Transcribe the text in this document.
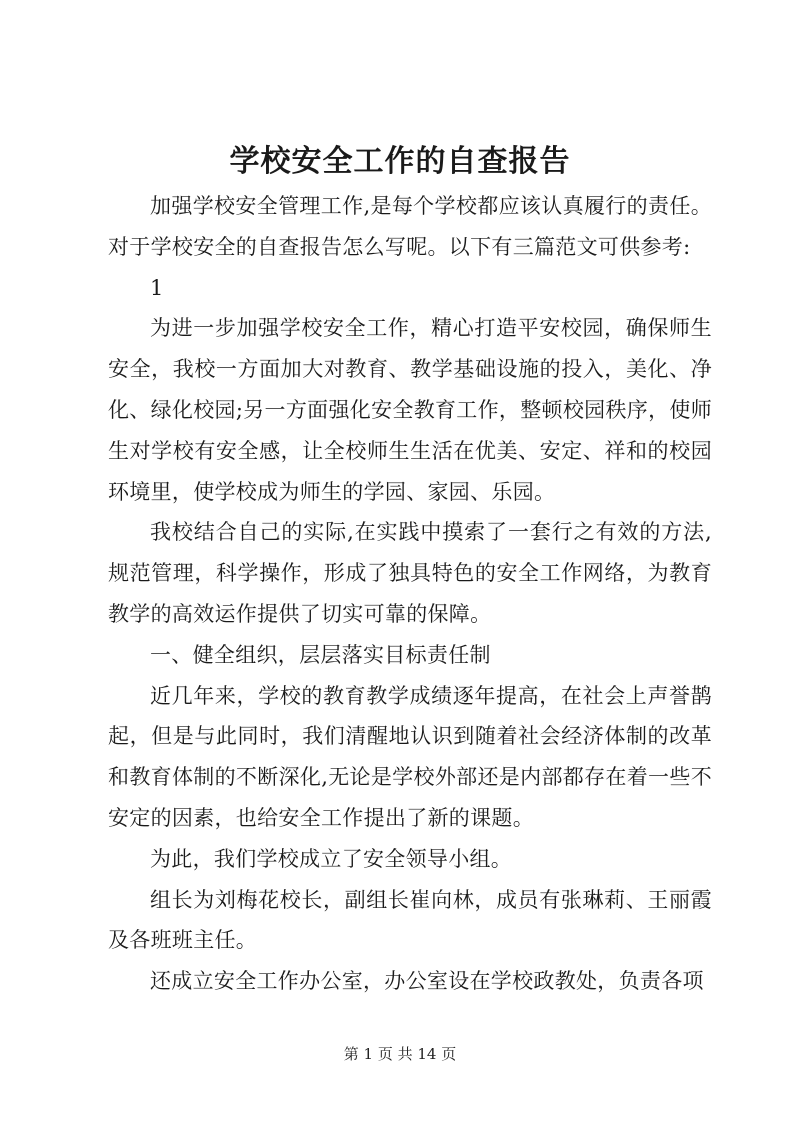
学校安全工作的自查报告

加强学校安全管理工作,是每个学校都应该认真履行的责任。对于学校安全的自查报告怎么写呢。以下有三篇范文可供参考:

1

为进一步加强学校安全工作，精心打造平安校园，确保师生安全，我校一方面加大对教育、教学基础设施的投入，美化、净化、绿化校园;另一方面强化安全教育工作，整顿校园秩序，使师生对学校有安全感，让全校师生生活在优美、安定、祥和的校园环境里，使学校成为师生的学园、家园、乐园。

我校结合自己的实际,在实践中摸索了一套行之有效的方法,规范管理，科学操作，形成了独具特色的安全工作网络，为教育教学的高效运作提供了切实可靠的保障。

一、健全组织，层层落实目标责任制

近几年来，学校的教育教学成绩逐年提高，在社会上声誉鹊起，但是与此同时，我们清醒地认识到随着社会经济体制的改革和教育体制的不断深化,无论是学校外部还是内部都存在着一些不安定的因素，也给安全工作提出了新的课题。

为此，我们学校成立了安全领导小组。

组长为刘梅花校长，副组长崔向林，成员有张琳莉、王丽霞及各班班主任。

还成立安全工作办公室，办公室设在学校政教处，负责各项

第 1 页 共 14 页
